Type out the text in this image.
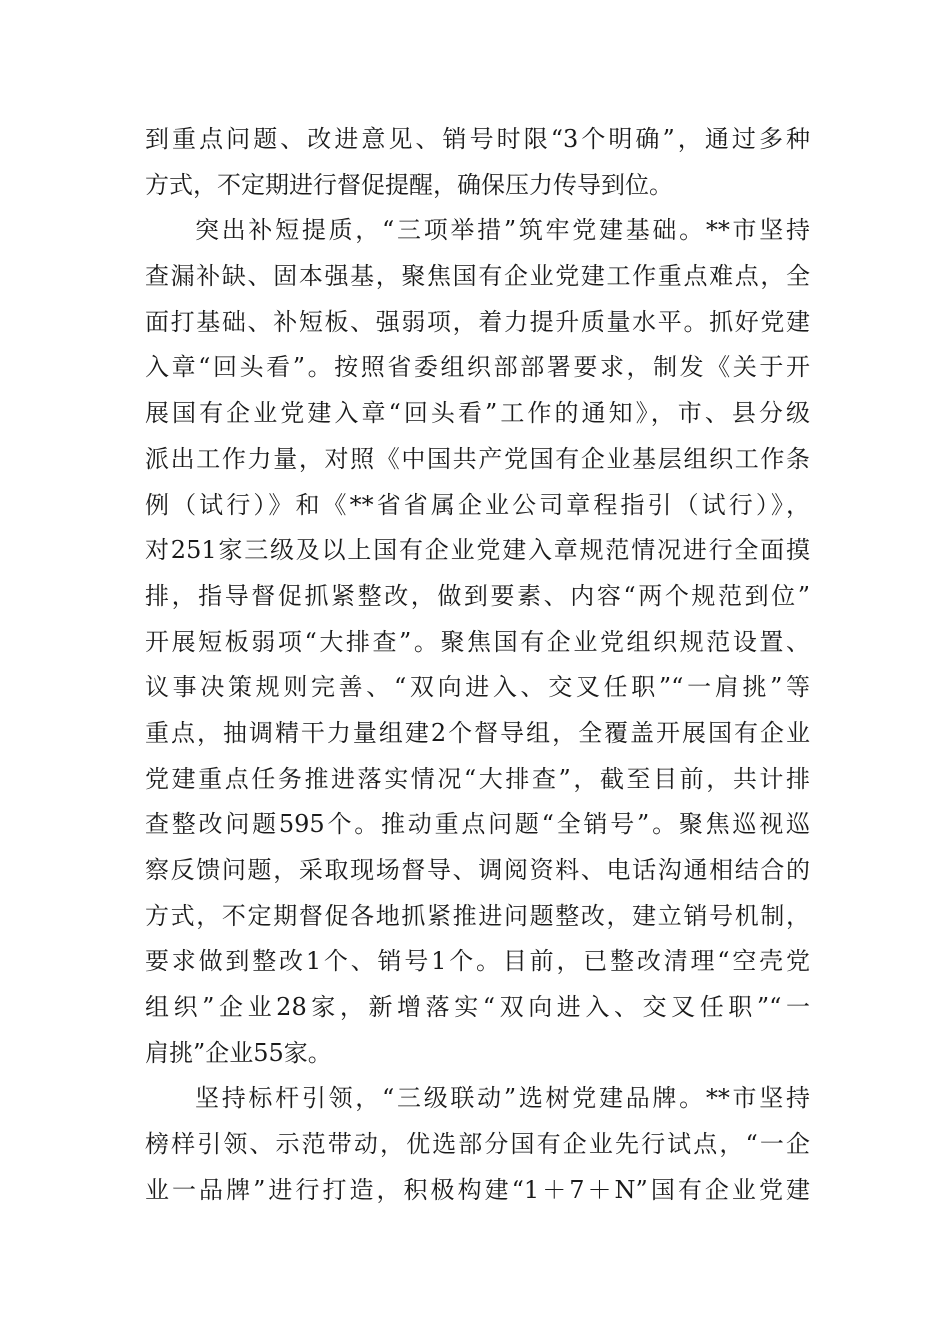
到重点问题、改进意见、销号时限“3个明确”，通过多种
方式，不定期进行督促提醒，确保压力传导到位。
突出补短提质，“三项举措”筑牢党建基础。**市坚持
查漏补缺、固本强基，聚焦国有企业党建工作重点难点，全
面打基础、补短板、强弱项，着力提升质量水平。抓好党建
入章“回头看”。按照省委组织部部署要求，制发《关于开
展国有企业党建入章“回头看”工作的通知》，市、县分级
派出工作力量，对照《中国共产党国有企业基层组织工作条
例（试行）》和《**省省属企业公司章程指引（试行）》，
对251家三级及以上国有企业党建入章规范情况进行全面摸
排，指导督促抓紧整改，做到要素、内容“两个规范到位”
开展短板弱项“大排查”。聚焦国有企业党组织规范设置、
议事决策规则完善、“双向进入、交叉任职”“一肩挑”等
重点，抽调精干力量组建2个督导组，全覆盖开展国有企业
党建重点任务推进落实情况“大排查”，截至目前，共计排
查整改问题595个。推动重点问题“全销号”。聚焦巡视巡
察反馈问题，采取现场督导、调阅资料、电话沟通相结合的
方式，不定期督促各地抓紧推进问题整改，建立销号机制，
要求做到整改1个、销号1个。目前，已整改清理“空壳党
组织”企业28家，新增落实“双向进入、交叉任职”“一
肩挑”企业55家。
坚持标杆引领，“三级联动”选树党建品牌。**市坚持
榜样引领、示范带动，优选部分国有企业先行试点，“一企
业一品牌”进行打造，积极构建“1＋7＋N”国有企业党建
